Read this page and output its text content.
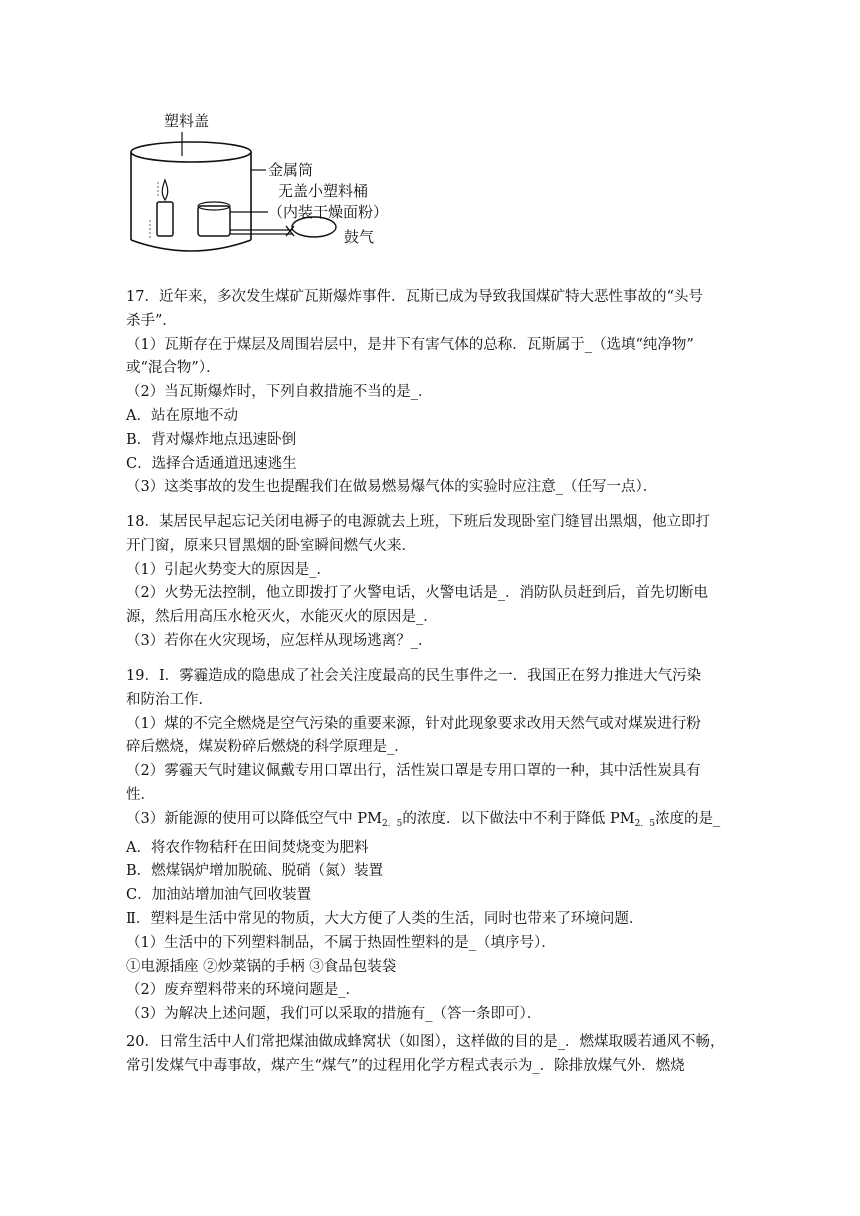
塑料盖
金属筒
无盖小塑料桶
（内装干燥面粉）
鼓气

17．近年来，多次发生煤矿瓦斯爆炸事件．瓦斯已成为导致我国煤矿特大恶性事故的“头号

杀手”．

（1）瓦斯存在于煤层及周围岩层中，是井下有害气体的总称．瓦斯属于_（选填“纯净物”

或“混合物”）．

（2）当瓦斯爆炸时，下列自救措施不当的是_．

A．站在原地不动

B．背对爆炸地点迅速卧倒

C．选择合适通道迅速逃生

（3）这类事故的发生也提醒我们在做易燃易爆气体的实验时应注意_（任写一点）．

18．某居民早起忘记关闭电褥子的电源就去上班，下班后发现卧室门缝冒出黑烟，他立即打

开门窗，原来只冒黑烟的卧室瞬间燃气火来．

（1）引起火势变大的原因是_．

（2）火势无法控制，他立即拨打了火警电话，火警电话是_．消防队员赶到后，首先切断电

源，然后用高压水枪灭火，水能灭火的原因是_．

（3）若你在火灾现场，应怎样从现场逃离？_．

19．Ⅰ．雾霾造成的隐患成了社会关注度最高的民生事件之一．我国正在努力推进大气污染

和防治工作．

（1）煤的不完全燃烧是空气污染的重要来源，针对此现象要求改用天然气或对煤炭进行粉

碎后燃烧，煤炭粉碎后燃烧的科学原理是_．

（2）雾霾天气时建议佩戴专用口罩出行，活性炭口罩是专用口罩的一种，其中活性炭具有

性．

（3）新能源的使用可以降低空气中 $PM_{2.5}$的浓度．以下做法中不利于降低 $PM_{2.5}$浓度的是_

A．将农作物秸秆在田间焚烧变为肥料

B．燃煤锅炉增加脱硫、脱硝（氮）装置

C．加油站增加油气回收装置

Ⅱ．塑料是生活中常见的物质，大大方便了人类的生活，同时也带来了环境问题．

（1）生活中的下列塑料制品，不属于热固性塑料的是_（填序号）．

①电源插座 ②炒菜锅的手柄 ③食品包装袋

（2）废弃塑料带来的环境问题是_．

（3）为解决上述问题，我们可以采取的措施有_（答一条即可）．

20．日常生活中人们常把煤油做成蜂窝状（如图），这样做的目的是_．燃煤取暖若通风不畅，

常引发煤气中毒事故，煤产生“煤气”的过程用化学方程式表示为_．除排放煤气外．燃烧
